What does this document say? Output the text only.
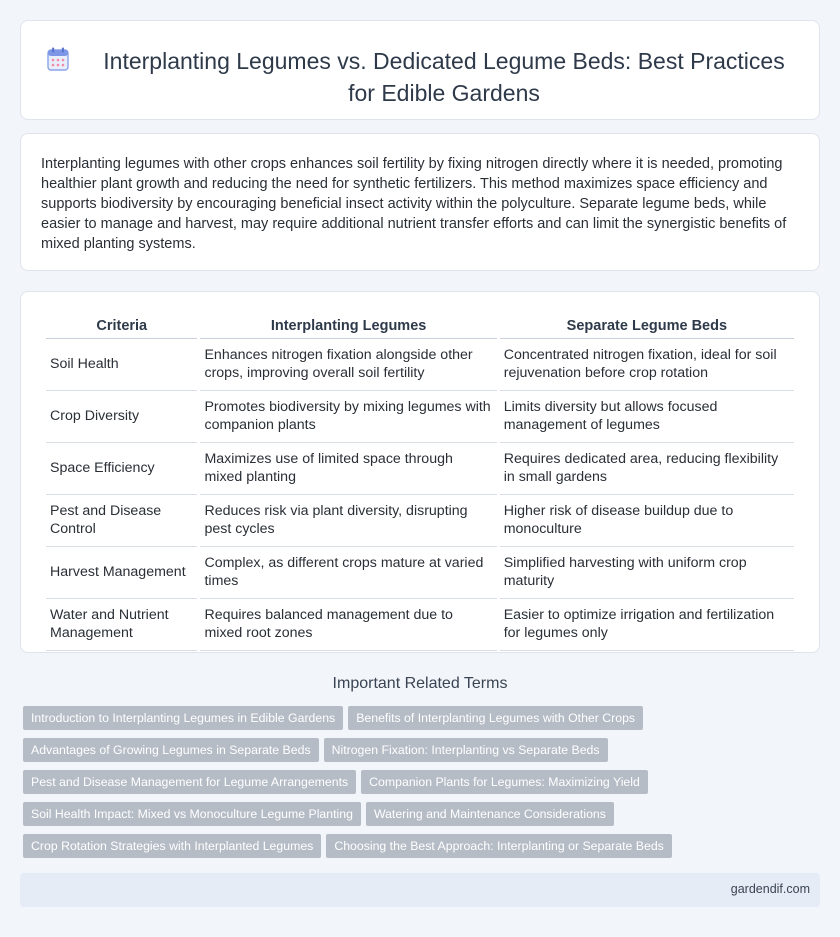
Interplanting Legumes vs. Dedicated Legume Beds: Best Practices for Edible Gardens

Interplanting legumes with other crops enhances soil fertility by fixing nitrogen directly where it is needed, promoting healthier plant growth and reducing the need for synthetic fertilizers. This method maximizes space efficiency and supports biodiversity by encouraging beneficial insect activity within the polyculture. Separate legume beds, while easier to manage and harvest, may require additional nutrient transfer efforts and can limit the synergistic benefits of mixed planting systems.

Criteria	Interplanting Legumes	Separate Legume Beds
Soil Health	Enhances nitrogen fixation alongside other crops, improving overall soil fertility	Concentrated nitrogen fixation, ideal for soil rejuvenation before crop rotation
Crop Diversity	Promotes biodiversity by mixing legumes with companion plants	Limits diversity but allows focused management of legumes
Space Efficiency	Maximizes use of limited space through mixed planting	Requires dedicated area, reducing flexibility in small gardens
Pest and Disease Control	Reduces risk via plant diversity, disrupting pest cycles	Higher risk of disease buildup due to monoculture
Harvest Management	Complex, as different crops mature at varied times	Simplified harvesting with uniform crop maturity
Water and Nutrient Management	Requires balanced management due to mixed root zones	Easier to optimize irrigation and fertilization for legumes only
Important Related Terms
Introduction to Interplanting Legumes in Edible Gardens Benefits of Interplanting Legumes with Other Crops
Advantages of Growing Legumes in Separate Beds Nitrogen Fixation: Interplanting vs Separate Beds
Pest and Disease Management for Legume Arrangements Companion Plants for Legumes: Maximizing Yield
Soil Health Impact: Mixed vs Monoculture Legume Planting Watering and Maintenance Considerations
Crop Rotation Strategies with Interplanted Legumes Choosing the Best Approach: Interplanting or Separate Beds
gardendif.com
